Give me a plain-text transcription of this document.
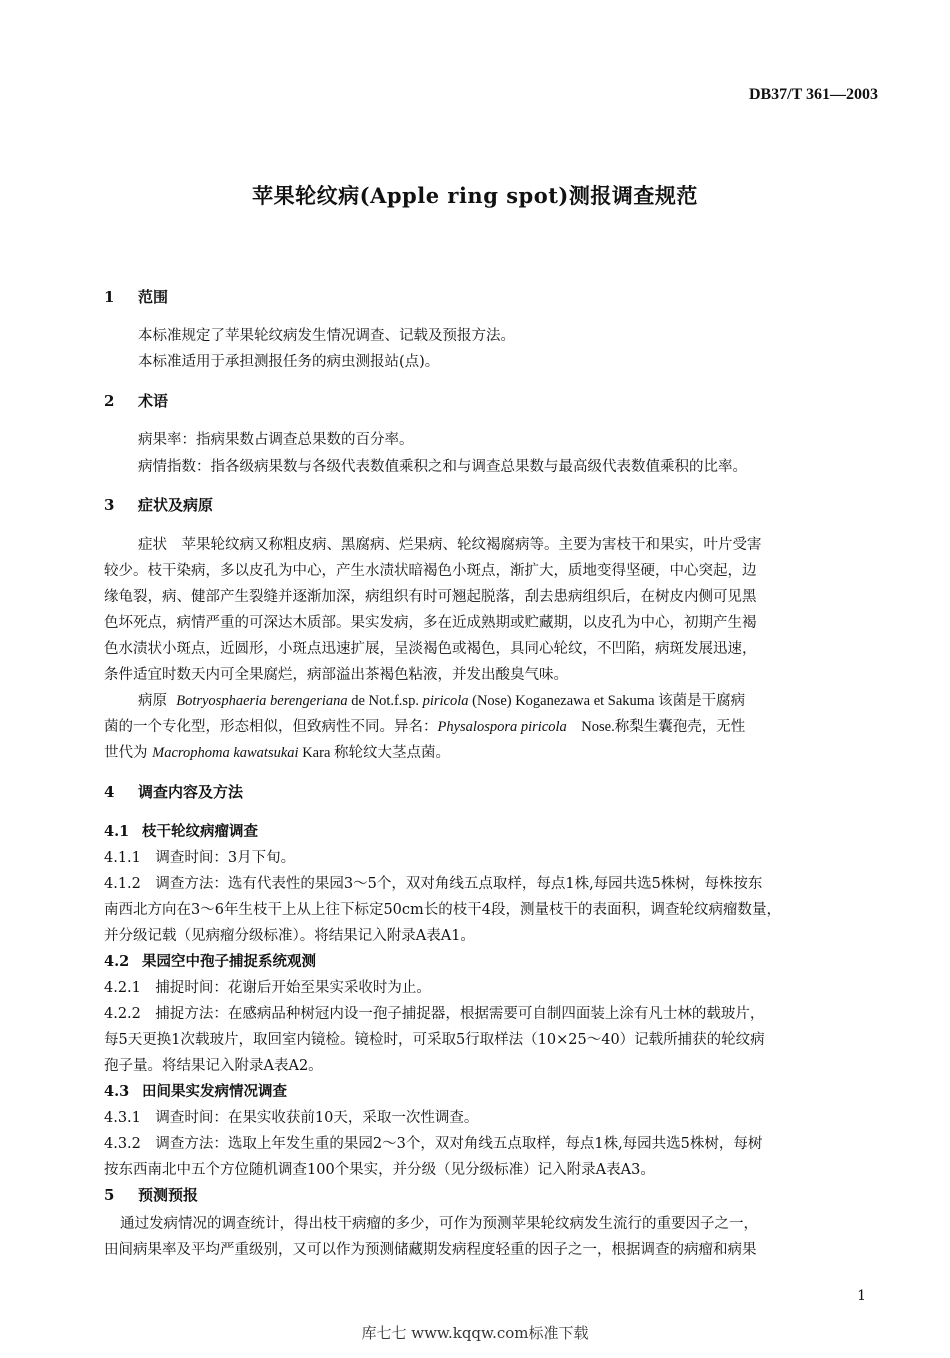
DB37/T 361—2003
苹果轮纹病(Apple ring spot)测报调查规范
1 范围
本标准规定了苹果轮纹病发生情况调查、记载及预报方法。
本标准适用于承担测报任务的病虫测报站(点)。
2 术语
病果率：指病果数占调查总果数的百分率。
病情指数：指各级病果数与各级代表数值乘积之和与调查总果数与最高级代表数值乘积的比率。
3 症状及病原
症状　苹果轮纹病又称粗皮病、黑腐病、烂果病、轮纹褐腐病等。主要为害枝干和果实，叶片受害
较少。枝干染病，多以皮孔为中心，产生水渍状暗褐色小斑点，渐扩大，质地变得坚硬，中心突起，边
缘龟裂，病、健部产生裂缝并逐渐加深，病组织有时可翘起脱落，刮去患病组织后，在树皮内侧可见黑
色坏死点，病情严重的可深达木质部。果实发病，多在近成熟期或贮藏期，以皮孔为中心，初期产生褐
色水渍状小斑点，近圆形，小斑点迅速扩展，呈淡褐色或褐色，具同心轮纹，不凹陷，病斑发展迅速，
条件适宜时数天内可全果腐烂，病部溢出茶褐色粘液，并发出酸臭气味。
病原 Botryosphaeria berengeriana de Not.f.sp. piricola (Nose) Koganezawa et Sakuma 该菌是干腐病
菌的一个专化型，形态相似，但致病性不同。异名：Physalospora piricola　Nose.称梨生囊孢壳，无性
世代为 Macrophoma kawatsukai Kara 称轮纹大茎点菌。
4 调查内容及方法
4.1 枝干轮纹病瘤调查
4.1.1　调查时间：3月下旬。
4.1.2　调查方法：选有代表性的果园3～5个，双对角线五点取样，每点1株,每园共选5株树，每株按东
南西北方向在3～6年生枝干上从上往下标定50cm长的枝干4段，测量枝干的表面积，调查轮纹病瘤数量，
并分级记载（见病瘤分级标准）。将结果记入附录A表A1。
4.2 果园空中孢子捕捉系统观测
4.2.1　捕捉时间：花谢后开始至果实采收时为止。
4.2.2　捕捉方法：在感病品种树冠内设一孢子捕捉器，根据需要可自制四面装上涂有凡士林的载玻片，
每5天更换1次载玻片，取回室内镜检。镜检时，可采取5行取样法（10×25～40）记载所捕获的轮纹病
孢子量。将结果记入附录A表A2。
4.3 田间果实发病情况调查
4.3.1　调查时间：在果实收获前10天，采取一次性调查。
4.3.2　调查方法：选取上年发生重的果园2～3个，双对角线五点取样，每点1株,每园共选5株树，每树
按东西南北中五个方位随机调查100个果实，并分级（见分级标准）记入附录A表A3。
5 预测预报
通过发病情况的调查统计，得出枝干病瘤的多少，可作为预测苹果轮纹病发生流行的重要因子之一，
田间病果率及平均严重级别，又可以作为预测储藏期发病程度轻重的因子之一，根据调查的病瘤和病果
1
库七七 www.kqqw.com标准下载
